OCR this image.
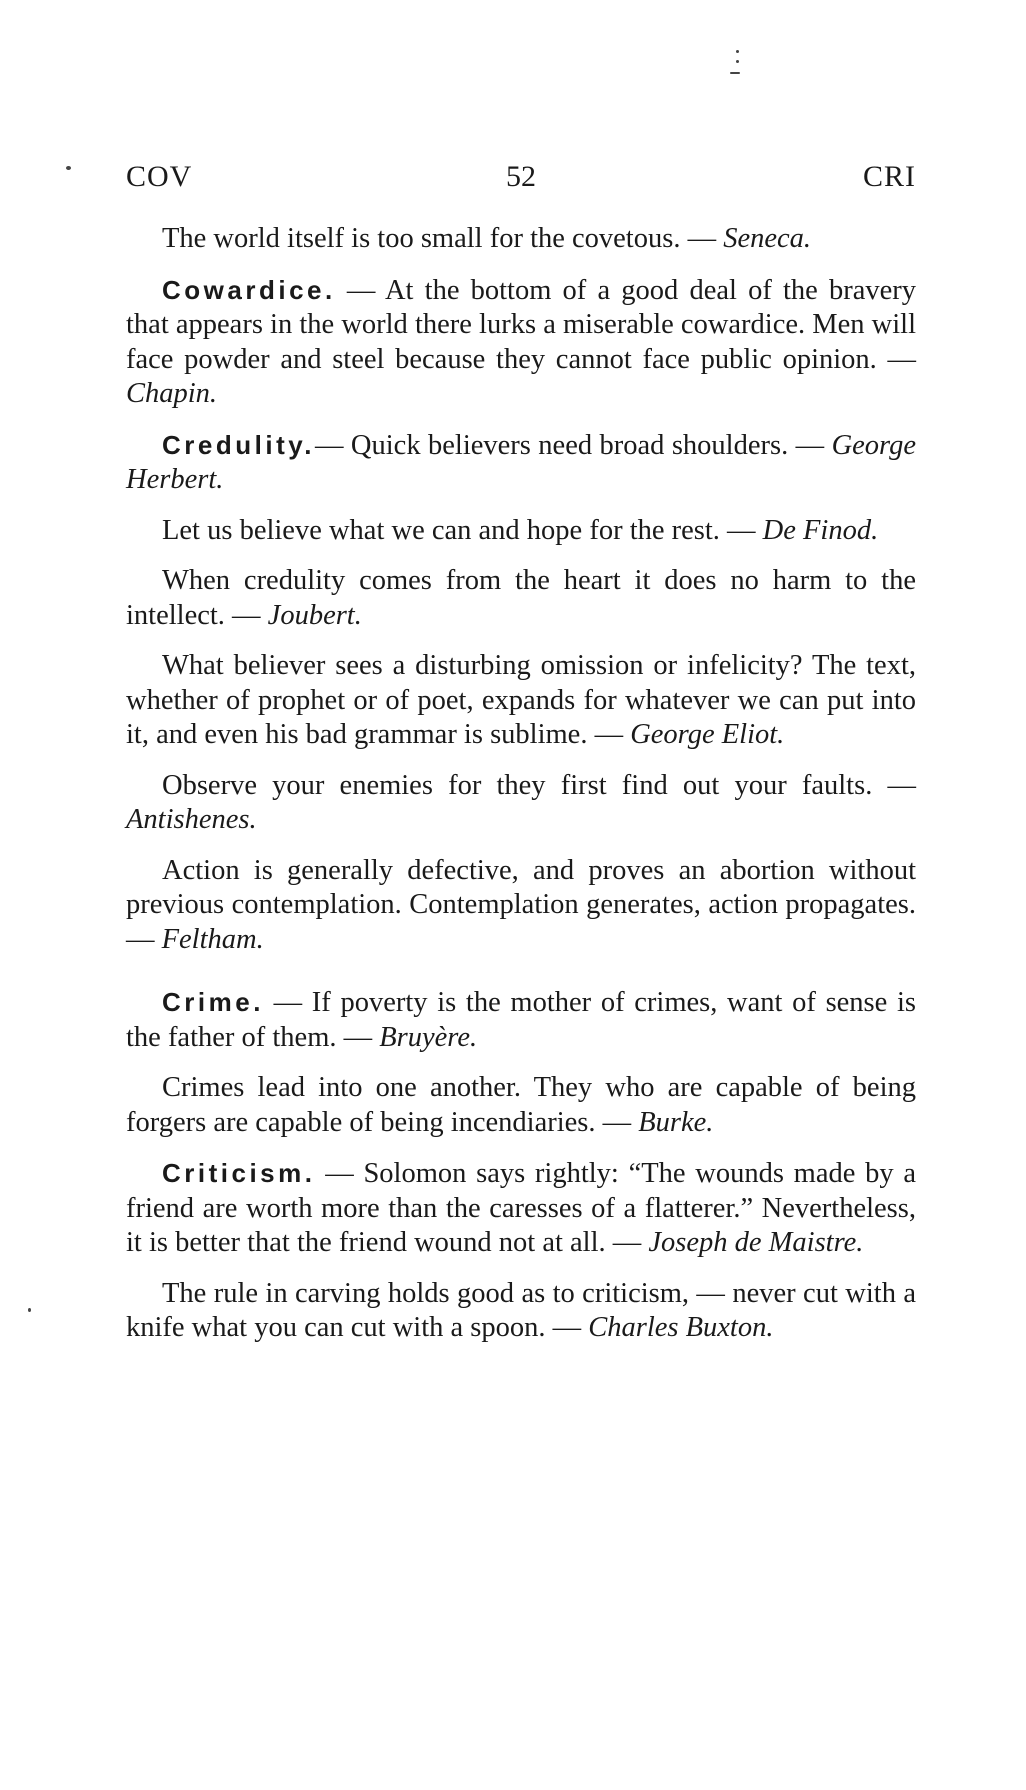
COV	52	CRI

The world itself is too small for the covetous. — Seneca.

Cowardice. — At the bottom of a good deal of the bravery that appears in the world there lurks a miserable cowardice. Men will face powder and steel because they cannot face public opinion. — Chapin.

Credulity.— Quick believers need broad shoulders. — George Herbert.

Let us believe what we can and hope for the rest. — De Finod.

When credulity comes from the heart it does no harm to the intellect. — Joubert.

What believer sees a disturbing omission or infelicity? The text, whether of prophet or of poet, expands for whatever we can put into it, and even his bad grammar is sublime. — George Eliot.

Observe your enemies for they first find out your faults. — Antishenes.

Action is generally defective, and proves an abortion without previous contemplation. Contemplation generates, action propagates. — Feltham.

Crime. — If poverty is the mother of crimes, want of sense is the father of them. — Bruyère.

Crimes lead into one another. They who are capable of being forgers are capable of being incendiaries. — Burke.

Criticism. — Solomon says rightly: “The wounds made by a friend are worth more than the caresses of a flatterer.” Nevertheless, it is better that the friend wound not at all. — Joseph de Maistre.

The rule in carving holds good as to criticism, — never cut with a knife what you can cut with a spoon. — Charles Buxton.
